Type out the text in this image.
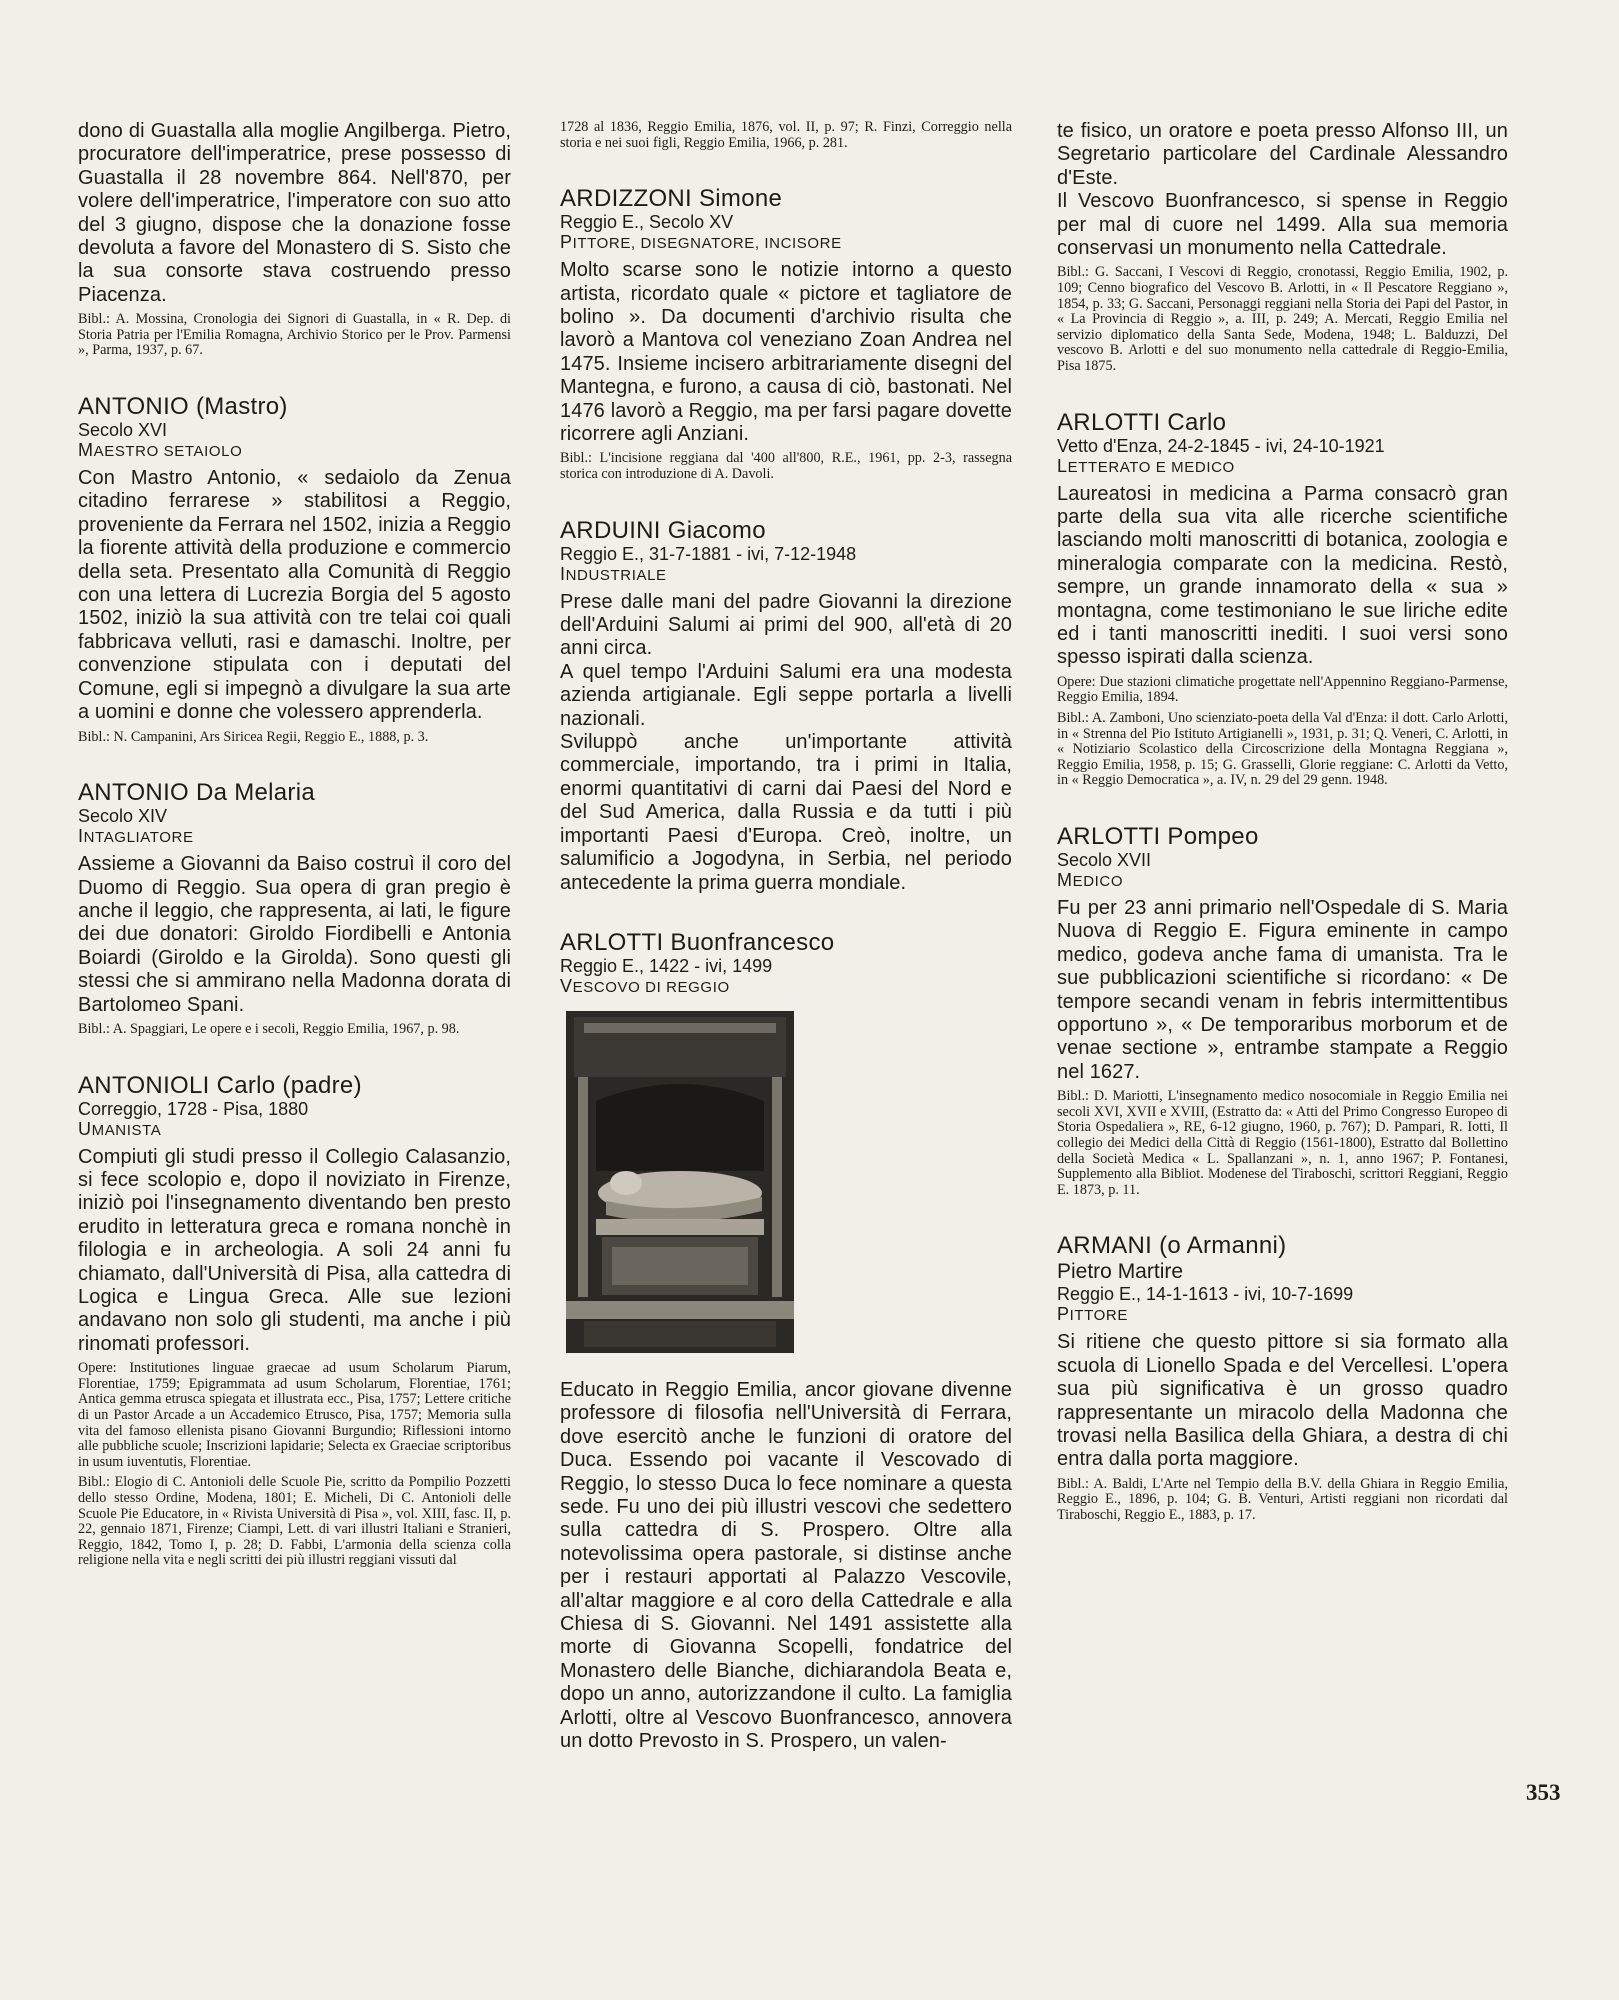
dono di Guastalla alla moglie Angilberga. Pietro, procuratore dell'imperatrice, prese possesso di Guastalla il 28 novembre 864. Nell'870, per volere dell'imperatrice, l'imperatore con suo atto del 3 giugno, dispose che la donazione fosse devoluta a favore del Monastero di S. Sisto che la sua consorte stava costruendo presso Piacenza.

Bibl.: A. Mossina, Cronologia dei Signori di Guastalla, in « R. Dep. di Storia Patria per l'Emilia Romagna, Archivio Storico per le Prov. Parmensi », Parma, 1937, p. 67.

ANTONIO (Mastro)

Secolo XVI

MAESTRO SETAIOLO

Con Mastro Antonio, « sedaiolo da Zenua citadino ferrarese » stabilitosi a Reggio, proveniente da Ferrara nel 1502, inizia a Reggio la fiorente attività della produzione e commercio della seta. Presentato alla Comunità di Reggio con una lettera di Lucrezia Borgia del 5 agosto 1502, iniziò la sua attività con tre telai coi quali fabbricava velluti, rasi e damaschi. Inoltre, per convenzione stipulata con i deputati del Comune, egli si impegnò a divulgare la sua arte a uomini e donne che volessero apprenderla.

Bibl.: N. Campanini, Ars Siricea Regii, Reggio E., 1888, p. 3.

ANTONIO Da Melaria

Secolo XIV

INTAGLIATORE

Assieme a Giovanni da Baiso costruì il coro del Duomo di Reggio. Sua opera di gran pregio è anche il leggio, che rappresenta, ai lati, le figure dei due donatori: Giroldo Fiordibelli e Antonia Boiardi (Giroldo e la Girolda). Sono questi gli stessi che si ammirano nella Madonna dorata di Bartolomeo Spani.

Bibl.: A. Spaggiari, Le opere e i secoli, Reggio Emilia, 1967, p. 98.

ANTONIOLI Carlo (padre)

Correggio, 1728 - Pisa, 1880

UMANISTA

Compiuti gli studi presso il Collegio Calasanzio, si fece scolopio e, dopo il noviziato in Firenze, iniziò poi l'insegnamento diventando ben presto erudito in letteratura greca e romana nonchè in filologia e in archeologia. A soli 24 anni fu chiamato, dall'Università di Pisa, alla cattedra di Logica e Lingua Greca. Alle sue lezioni andavano non solo gli studenti, ma anche i più rinomati professori.

Opere: Institutiones linguae graecae ad usum Scholarum Piarum, Florentiae, 1759; Epigrammata ad usum Scholarum, Florentiae, 1761; Antica gemma etrusca spiegata et illustrata ecc., Pisa, 1757; Lettere critiche di un Pastor Arcade a un Accademico Etrusco, Pisa, 1757; Memoria sulla vita del famoso ellenista pisano Giovanni Burgundio; Riflessioni intorno alle pubbliche scuole; Inscrizioni lapidarie; Selecta ex Graeciae scriptoribus in usum iuventutis, Florentiae.

Bibl.: Elogio di C. Antonioli delle Scuole Pie, scritto da Pompilio Pozzetti dello stesso Ordine, Modena, 1801; E. Micheli, Di C. Antonioli delle Scuole Pie Educatore, in « Rivista Università di Pisa », vol. XIII, fasc. II, p. 22, gennaio 1871, Firenze; Ciampi, Lett. di vari illustri Italiani e Stranieri, Reggio, 1842, Tomo I, p. 28; D. Fabbi, L'armonia della scienza colla religione nella vita e negli scritti dei più illustri reggiani vissuti dal

1728 al 1836, Reggio Emilia, 1876, vol. II, p. 97; R. Finzi, Correggio nella storia e nei suoi figli, Reggio Emilia, 1966, p. 281.

ARDIZZONI Simone

Reggio E., Secolo XV

PITTORE, DISEGNATORE, INCISORE

Molto scarse sono le notizie intorno a questo artista, ricordato quale « pictore et tagliatore de bolino ». Da documenti d'archivio risulta che lavorò a Mantova col veneziano Zoan Andrea nel 1475. Insieme incisero arbitrariamente disegni del Mantegna, e furono, a causa di ciò, bastonati. Nel 1476 lavorò a Reggio, ma per farsi pagare dovette ricorrere agli Anziani.

Bibl.: L'incisione reggiana dal '400 all'800, R.E., 1961, pp. 2-3, rassegna storica con introduzione di A. Davoli.

ARDUINI Giacomo

Reggio E., 31-7-1881 - ivi, 7-12-1948

INDUSTRIALE

Prese dalle mani del padre Giovanni la direzione dell'Arduini Salumi ai primi del 900, all'età di 20 anni circa.

A quel tempo l'Arduini Salumi era una modesta azienda artigianale. Egli seppe portarla a livelli nazionali.

Sviluppò anche un'importante attività commerciale, importando, tra i primi in Italia, enormi quantitativi di carni dai Paesi del Nord e del Sud America, dalla Russia e da tutti i più importanti Paesi d'Europa. Creò, inoltre, un salumificio a Jogodyna, in Serbia, nel periodo antecedente la prima guerra mondiale.

ARLOTTI Buonfrancesco

Reggio E., 1422 - ivi, 1499

VESCOVO DI REGGIO

Educato in Reggio Emilia, ancor giovane divenne professore di filosofia nell'Università di Ferrara, dove esercitò anche le funzioni di oratore del Duca. Essendo poi vacante il Vescovado di Reggio, lo stesso Duca lo fece nominare a questa sede. Fu uno dei più illustri vescovi che sedettero sulla cattedra di S. Prospero. Oltre alla notevolissima opera pastorale, si distinse anche per i restauri apportati al Palazzo Vescovile, all'altar maggiore e al coro della Cattedrale e alla Chiesa di S. Giovanni. Nel 1491 assistette alla morte di Giovanna Scopelli, fondatrice del Monastero delle Bianche, dichiarandola Beata e, dopo un anno, autorizzandone il culto. La famiglia Arlotti, oltre al Vescovo Buonfrancesco, annovera un dotto Prevosto in S. Prospero, un valen-

te fisico, un oratore e poeta presso Alfonso III, un Segretario particolare del Cardinale Alessandro d'Este.

Il Vescovo Buonfrancesco, si spense in Reggio per mal di cuore nel 1499. Alla sua memoria conservasi un monumento nella Cattedrale.

Bibl.: G. Saccani, I Vescovi di Reggio, cronotassi, Reggio Emilia, 1902, p. 109; Cenno biografico del Vescovo B. Arlotti, in « Il Pescatore Reggiano », 1854, p. 33; G. Saccani, Personaggi reggiani nella Storia dei Papi del Pastor, in « La Provincia di Reggio », a. III, p. 249; A. Mercati, Reggio Emilia nel servizio diplomatico della Santa Sede, Modena, 1948; L. Balduzzi, Del vescovo B. Arlotti e del suo monumento nella cattedrale di Reggio-Emilia, Pisa 1875.

ARLOTTI Carlo

Vetto d'Enza, 24-2-1845 - ivi, 24-10-1921

LETTERATO E MEDICO

Laureatosi in medicina a Parma consacrò gran parte della sua vita alle ricerche scientifiche lasciando molti manoscritti di botanica, zoologia e mineralogia comparate con la medicina. Restò, sempre, un grande innamorato della « sua » montagna, come testimoniano le sue liriche edite ed i tanti manoscritti inediti. I suoi versi sono spesso ispirati dalla scienza.

Opere: Due stazioni climatiche progettate nell'Appennino Reggiano-Parmense, Reggio Emilia, 1894.

Bibl.: A. Zamboni, Uno scienziato-poeta della Val d'Enza: il dott. Carlo Arlotti, in « Strenna del Pio Istituto Artigianelli », 1931, p. 31; Q. Veneri, C. Arlotti, in « Notiziario Scolastico della Circoscrizione della Montagna Reggiana », Reggio Emilia, 1958, p. 15; G. Grasselli, Glorie reggiane: C. Arlotti da Vetto, in « Reggio Democratica », a. IV, n. 29 del 29 genn. 1948.

ARLOTTI Pompeo

Secolo XVII

MEDICO

Fu per 23 anni primario nell'Ospedale di S. Maria Nuova di Reggio E. Figura eminente in campo medico, godeva anche fama di umanista. Tra le sue pubblicazioni scientifiche si ricordano: « De tempore secandi venam in febris intermittentibus opportuno », « De temporaribus morborum et de venae sectione », entrambe stampate a Reggio nel 1627.

Bibl.: D. Mariotti, L'insegnamento medico nosocomiale in Reggio Emilia nei secoli XVI, XVII e XVIII, (Estratto da: « Atti del Primo Congresso Europeo di Storia Ospedaliera », RE, 6-12 giugno, 1960, p. 767); D. Pampari, R. Iotti, Il collegio dei Medici della Città di Reggio (1561-1800), Estratto dal Bollettino della Società Medica « L. Spallanzani », n. 1, anno 1967; P. Fontanesi, Supplemento alla Bibliot. Modenese del Tiraboschi, scrittori Reggiani, Reggio E. 1873, p. 11.

ARMANI (o Armanni)

Pietro Martire

Reggio E., 14-1-1613 - ivi, 10-7-1699

PITTORE

Si ritiene che questo pittore si sia formato alla scuola di Lionello Spada e del Vercellesi. L'opera sua più significativa è un grosso quadro rappresentante un miracolo della Madonna che trovasi nella Basilica della Ghiara, a destra di chi entra dalla porta maggiore.

Bibl.: A. Baldi, L'Arte nel Tempio della B.V. della Ghiara in Reggio Emilia, Reggio E., 1896, p. 104; G. B. Venturi, Artisti reggiani non ricordati dal Tiraboschi, Reggio E., 1883, p. 17.

353
